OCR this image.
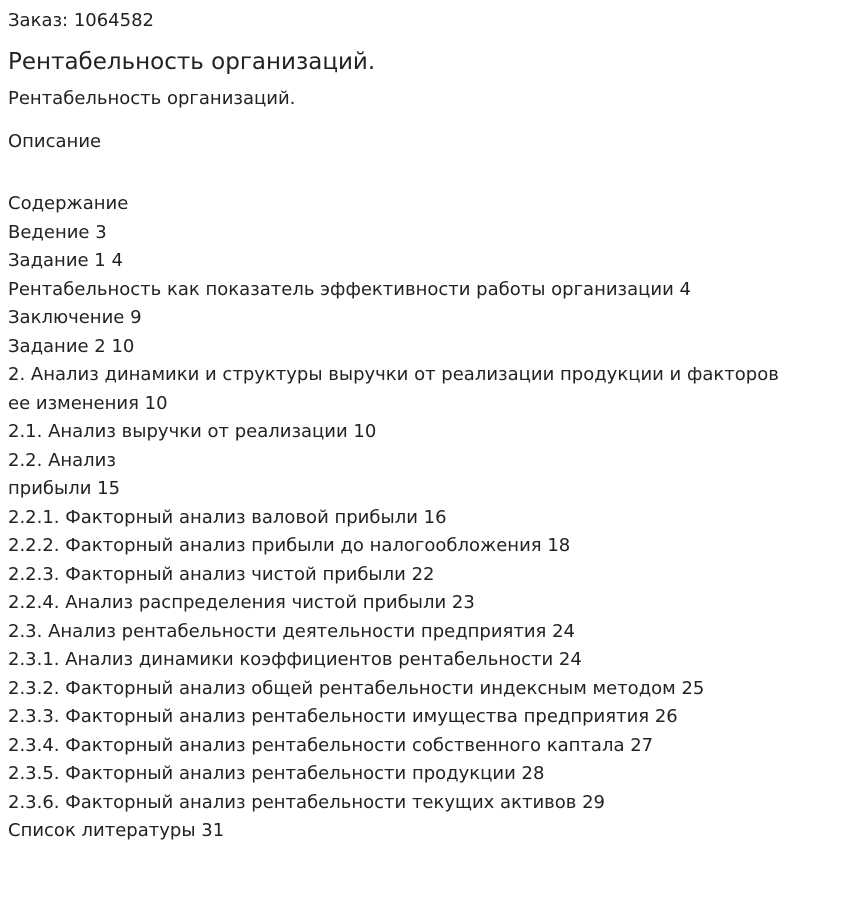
Заказ: 1064582
Рентабельность организаций.
Рентабельность организаций.
Описание
Содержание
Ведение 3
Задание 1 4
Рентабельность как показатель эффективности работы организации 4
Заключение 9
Задание 2 10
2. Анализ динамики и структуры выручки от реализации продукции и факторов
ее изменения 10
2.1. Анализ выручки от реализации 10
2.2. Анализ
прибыли 15
2.2.1. Факторный анализ валовой прибыли 16
2.2.2. Факторный анализ прибыли до налогообложения 18
2.2.3. Факторный анализ чистой прибыли 22
2.2.4. Анализ распределения чистой прибыли 23
2.3. Анализ рентабельности деятельности предприятия 24
2.3.1. Анализ динамики коэффициентов рентабельности 24
2.3.2. Факторный анализ общей рентабельности индексным методом 25
2.3.3. Факторный анализ рентабельности имущества предприятия 26
2.3.4. Факторный анализ рентабельности собственного каптала 27
2.3.5. Факторный анализ рентабельности продукции 28
2.3.6. Факторный анализ рентабельности текущих активов 29
Список литературы 31
